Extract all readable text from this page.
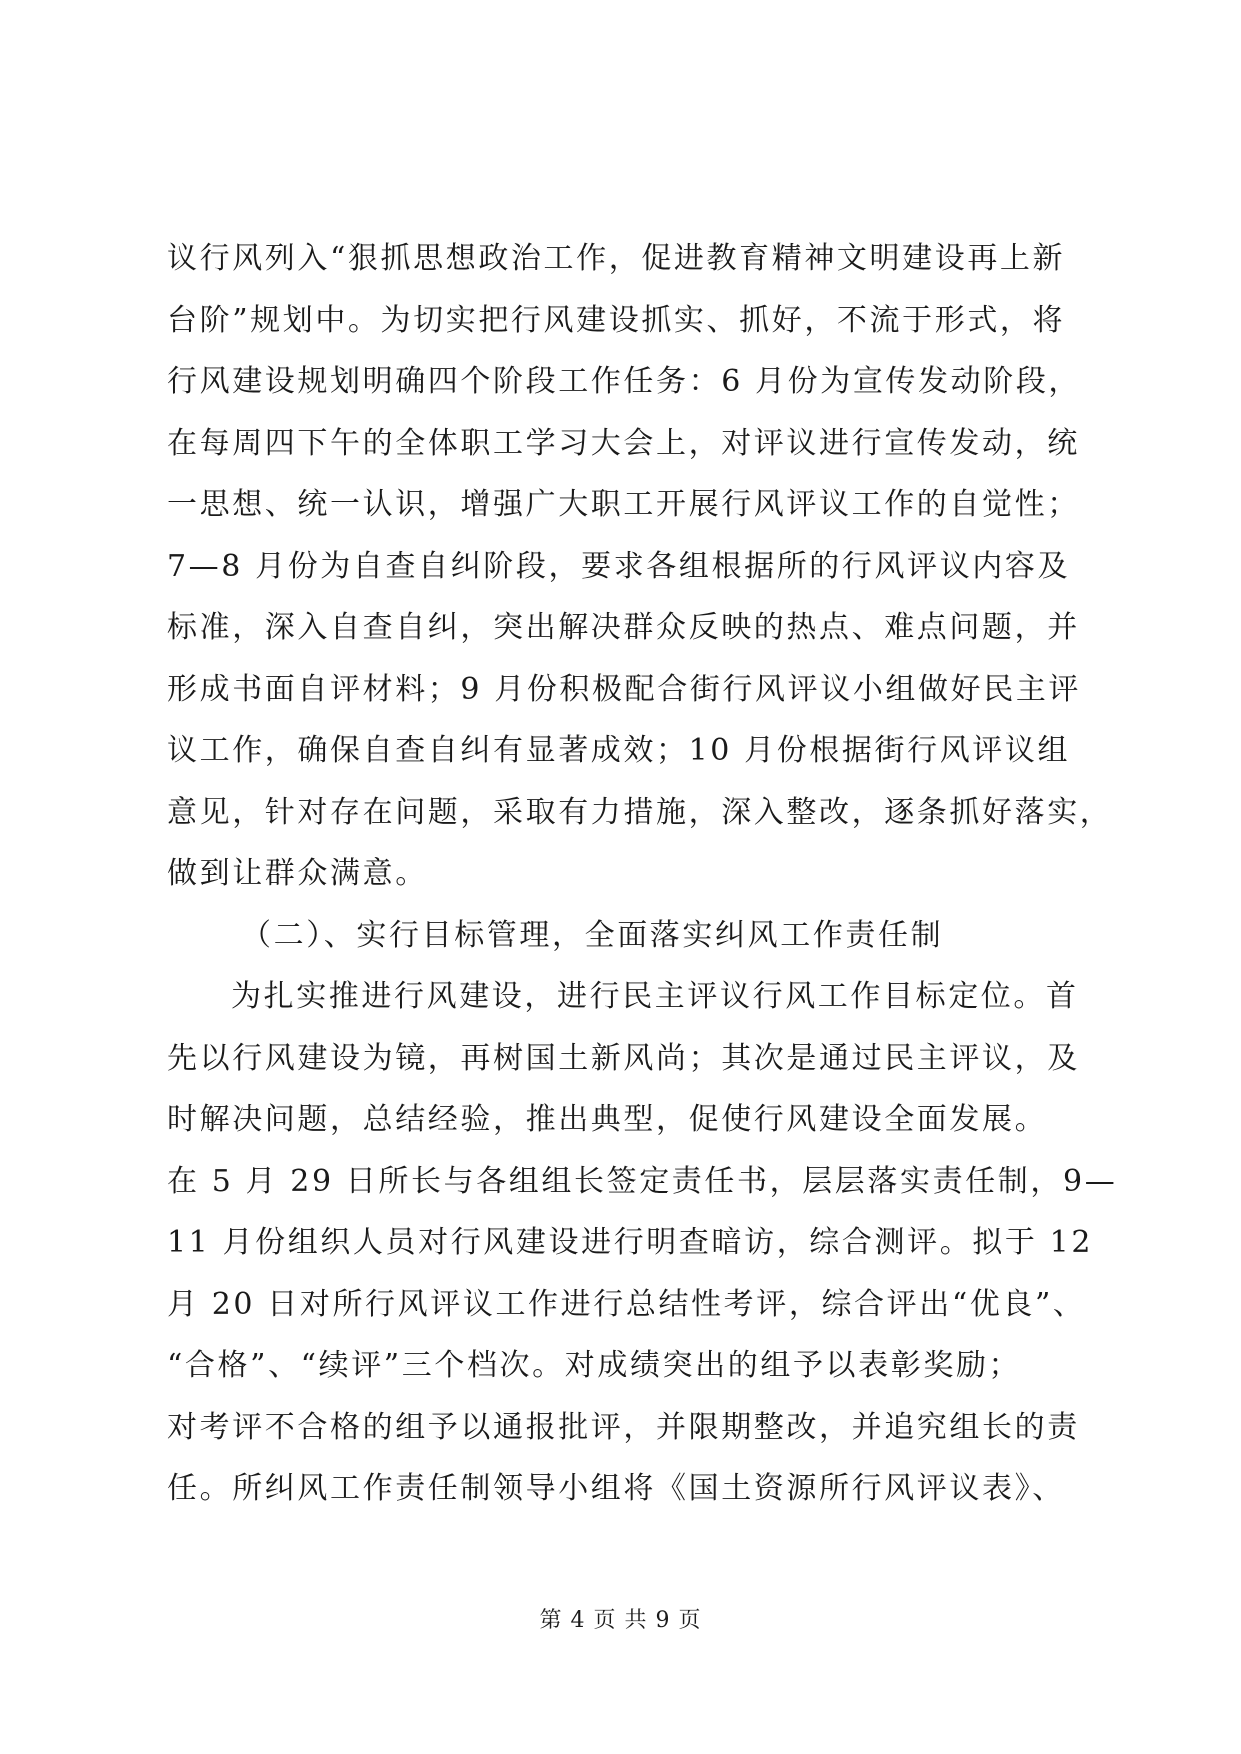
议行风列入“狠抓思想政治工作，促进教育精神文明建设再上新
台阶”规划中。为切实把行风建设抓实、抓好，不流于形式，将
行风建设规划明确四个阶段工作任务：6 月份为宣传发动阶段，
在每周四下午的全体职工学习大会上，对评议进行宣传发动，统
一思想、统一认识，增强广大职工开展行风评议工作的自觉性；
7—8 月份为自查自纠阶段，要求各组根据所的行风评议内容及
标准，深入自查自纠，突出解决群众反映的热点、难点问题，并
形成书面自评材料；9 月份积极配合街行风评议小组做好民主评
议工作，确保自查自纠有显著成效；10 月份根据街行风评议组
意见，针对存在问题，采取有力措施，深入整改，逐条抓好落实，
做到让群众满意。
（二）、实行目标管理，全面落实纠风工作责任制
为扎实推进行风建设，进行民主评议行风工作目标定位。首
先以行风建设为镜，再树国土新风尚；其次是通过民主评议，及
时解决问题，总结经验，推出典型，促使行风建设全面发展。
在 5 月 29 日所长与各组组长签定责任书，层层落实责任制，9—
11 月份组织人员对行风建设进行明查暗访，综合测评。拟于 12
月 20 日对所行风评议工作进行总结性考评，综合评出“优良”、
“合格”、“续评”三个档次。对成绩突出的组予以表彰奖励；
对考评不合格的组予以通报批评，并限期整改，并追究组长的责
任。所纠风工作责任制领导小组将《国土资源所行风评议表》、
第 4 页 共 9 页
